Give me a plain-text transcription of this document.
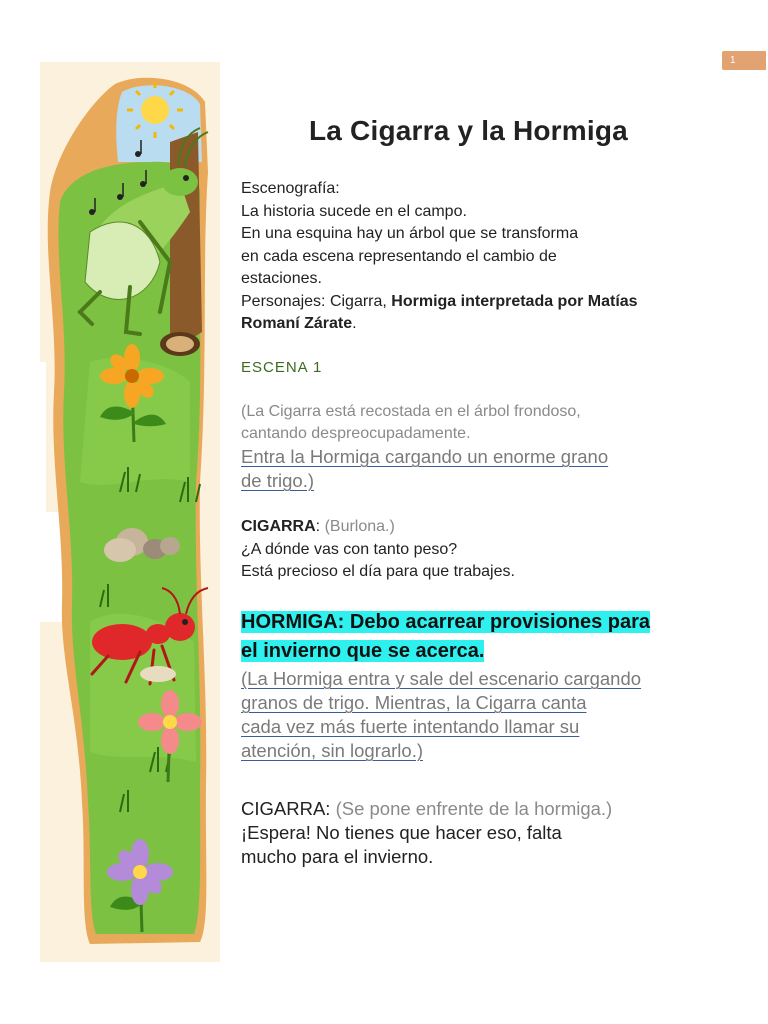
1
La Cigarra y la Hormiga

Escenografía:

La historia sucede en el campo.

En una esquina hay un árbol que se transforma

en cada escena representando el cambio de

estaciones.

Personajes: Cigarra, Hormiga interpretada por Matías

Romaní Zárate.

ESCENA 1

(La Cigarra está recostada en el árbol frondoso,

cantando despreocupadamente.

Entra la Hormiga cargando un enorme grano

de trigo.)

CIGARRA: (Burlona.)

¿A dónde vas con tanto peso?

Está precioso el día para que trabajes.

HORMIGA: Debo acarrear provisiones para

el invierno que se acerca.

(La Hormiga entra y sale del escenario cargando

granos de trigo. Mientras, la Cigarra canta

cada vez más fuerte intentando llamar su

atención, sin lograrlo.)

CIGARRA: (Se pone enfrente de la hormiga.)

¡Espera! No tienes que hacer eso, falta

mucho para el invierno.
